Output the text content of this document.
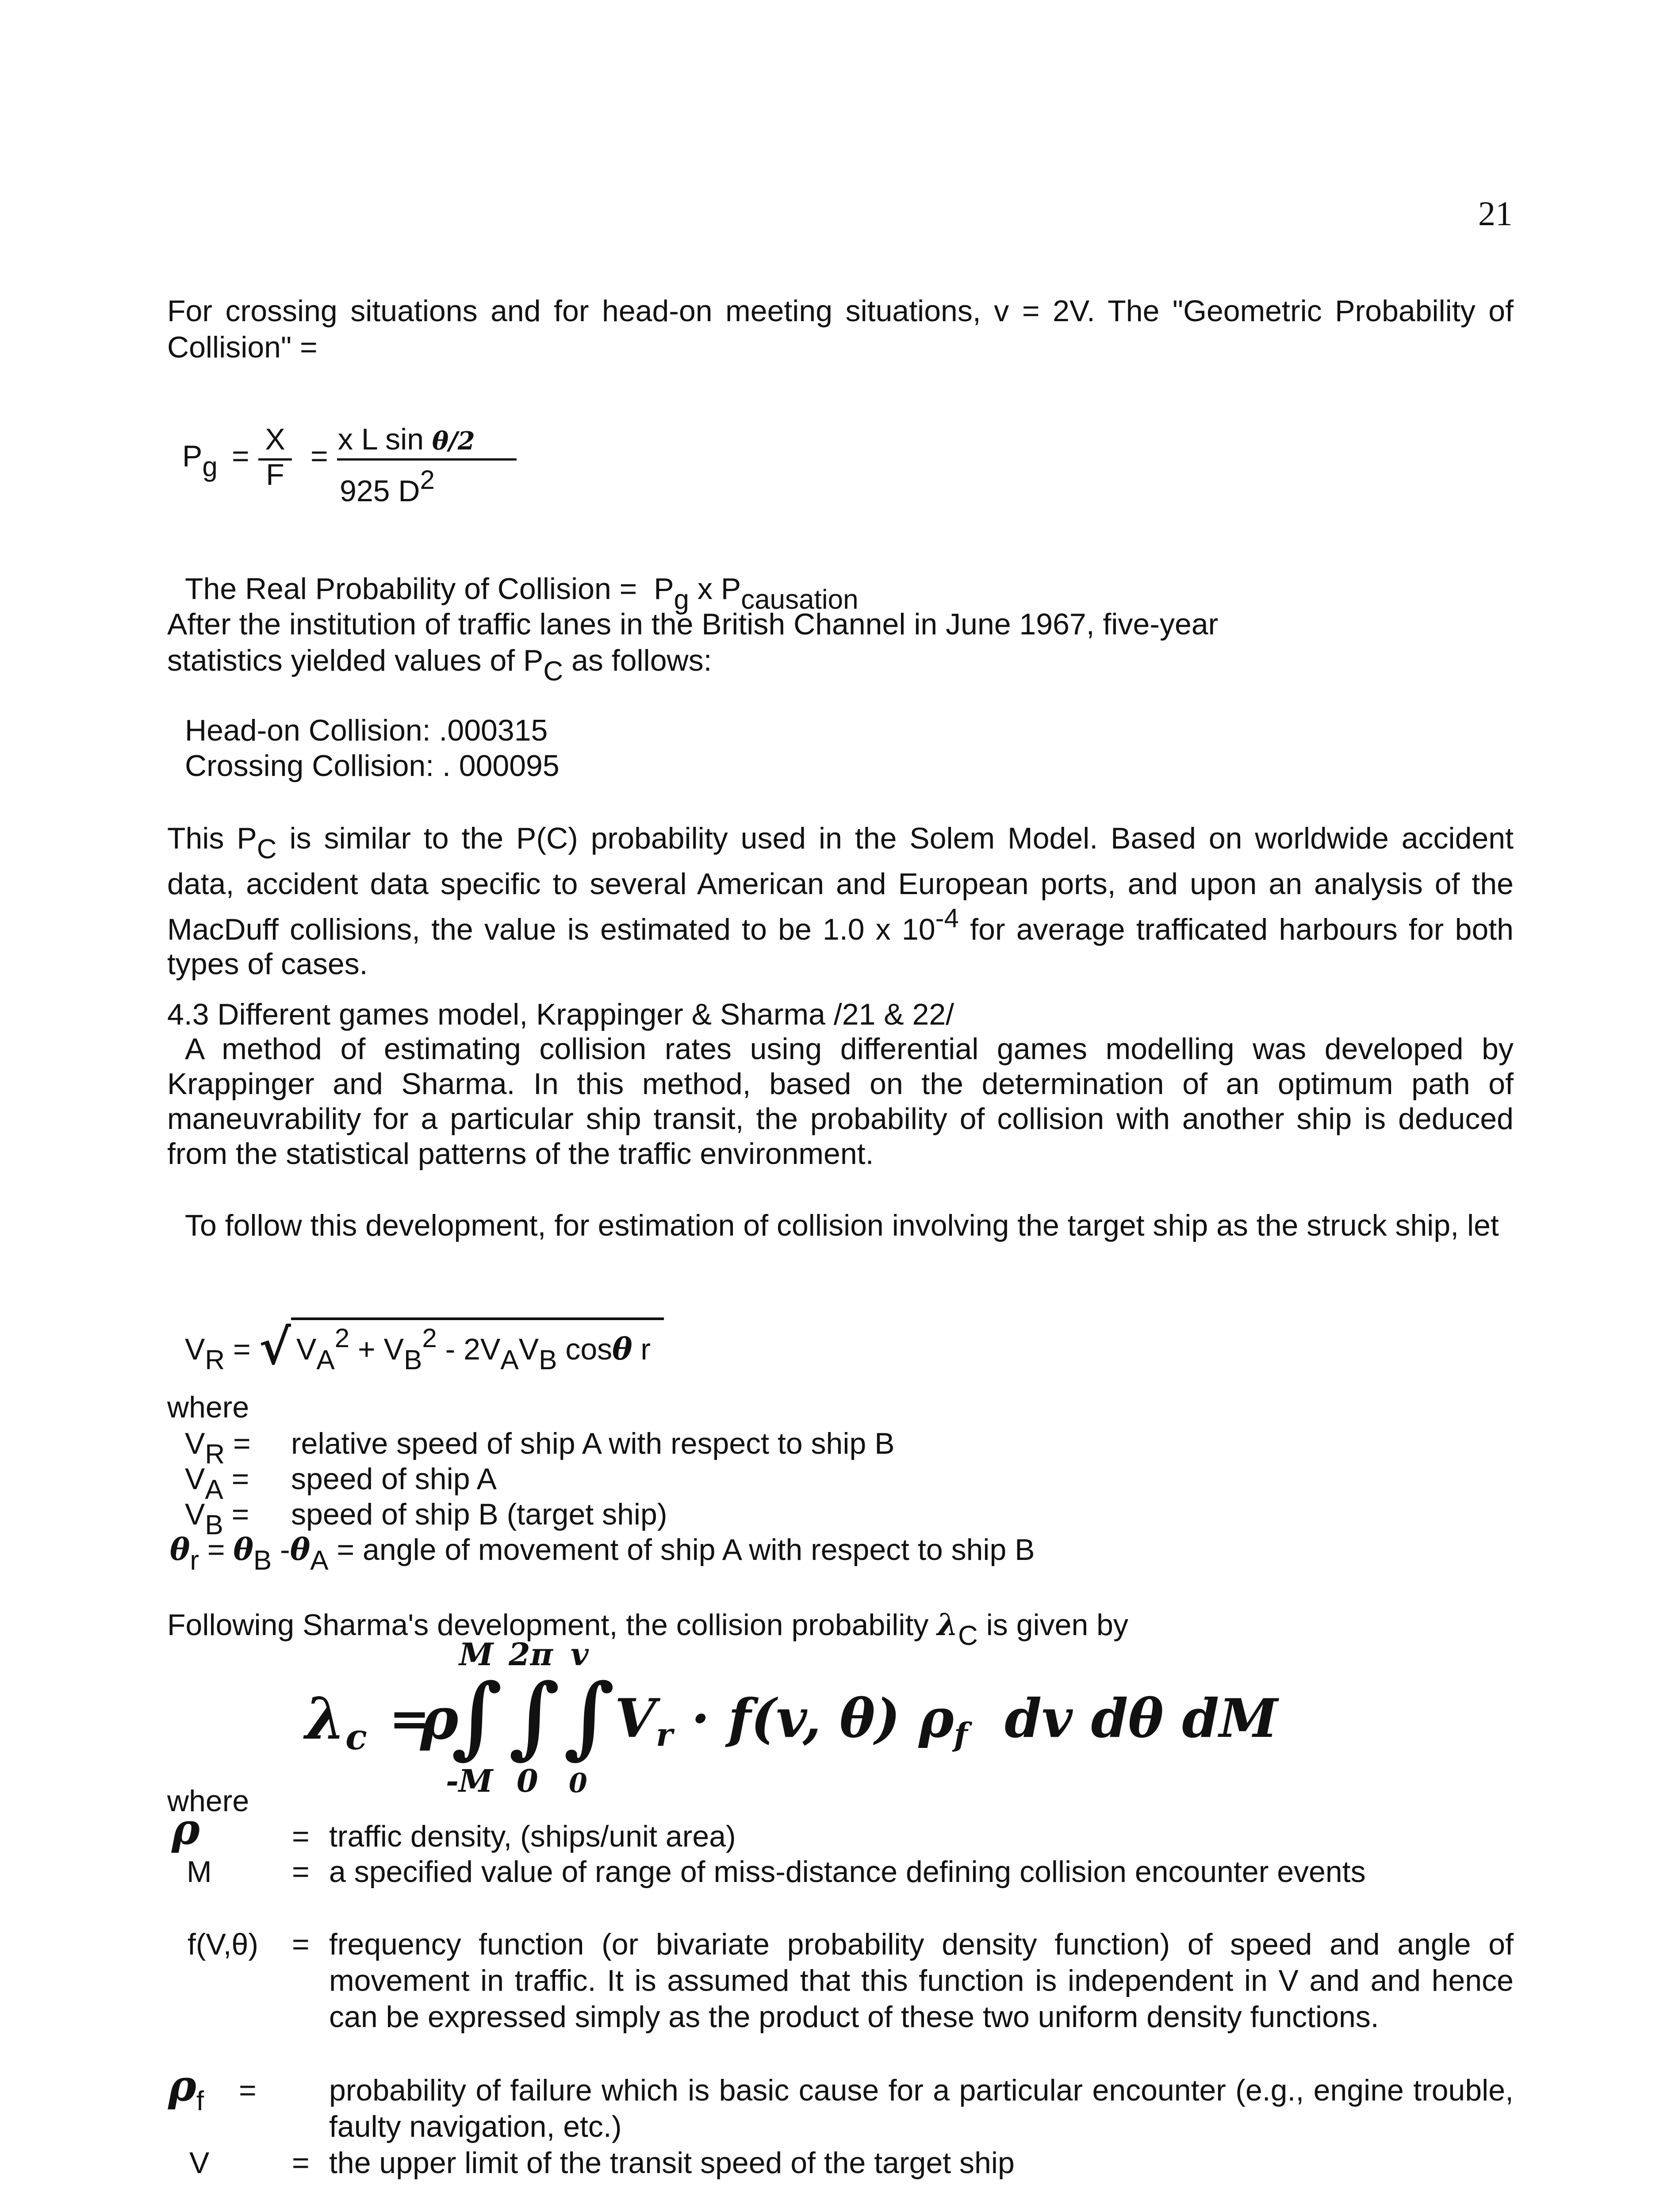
21
For crossing situations and for head-on meeting situations, v = 2V. The "Geometric Probability of Collision" =
Pg = X
F
= x L sin θ/2
925 D2
The Real Probability of Collision = Pg x Pcausation
After the institution of traffic lanes in the British Channel in June 1967, five-year
statistics yielded values of PC as follows:
Head-on Collision: .000315
Crossing Collision: . 000095
This PC is similar to the P(C) probability used in the Solem Model. Based on worldwide accident data, accident data specific to several American and European ports, and upon an analysis of the MacDuff collisions, the value is estimated to be 1.0 x 10-4 for average trafficated harbours for both types of cases.
4.3 Different games model, Krappinger & Sharma /21 & 22/
A method of estimating collision rates using differential games modelling was developed by Krappinger and Sharma. In this method, based on the determination of an optimum path of maneuvrability for a particular ship transit, the probability of collision with another ship is deduced from the statistical patterns of the traffic environment.
To follow this development, for estimation of collision involving the target ship as the struck ship, let
VR = √ VA2 + VB2 - 2VAVB cosθ r
where
VR = relative speed of ship A with respect to ship B
VA = speed of ship A
VB = speed of ship B (target ship)
θr = θB -θA = angle of movement of ship A with respect to ship B
Following Sharma's development, the collision probability λC is given by
λc =
ρ
M
∫
-M
2π
∫
0
v
∫
0
Vr · f(v, θ) ρf dv dθ dM
where
ρ	= traffic density, (ships/unit area)
M	= a specified value of range of miss-distance defining collision encounter events
f(V,θ) = frequency function (or bivariate probability density function) of speed and angle of movement in traffic. It is assumed that this function is independent in V and and hence can be expressed simply as the product of these two uniform density functions.
ρf = probability of failure which is basic cause for a particular encounter (e.g., engine trouble, faulty navigation, etc.)
V	= the upper limit of the transit speed of the target ship
